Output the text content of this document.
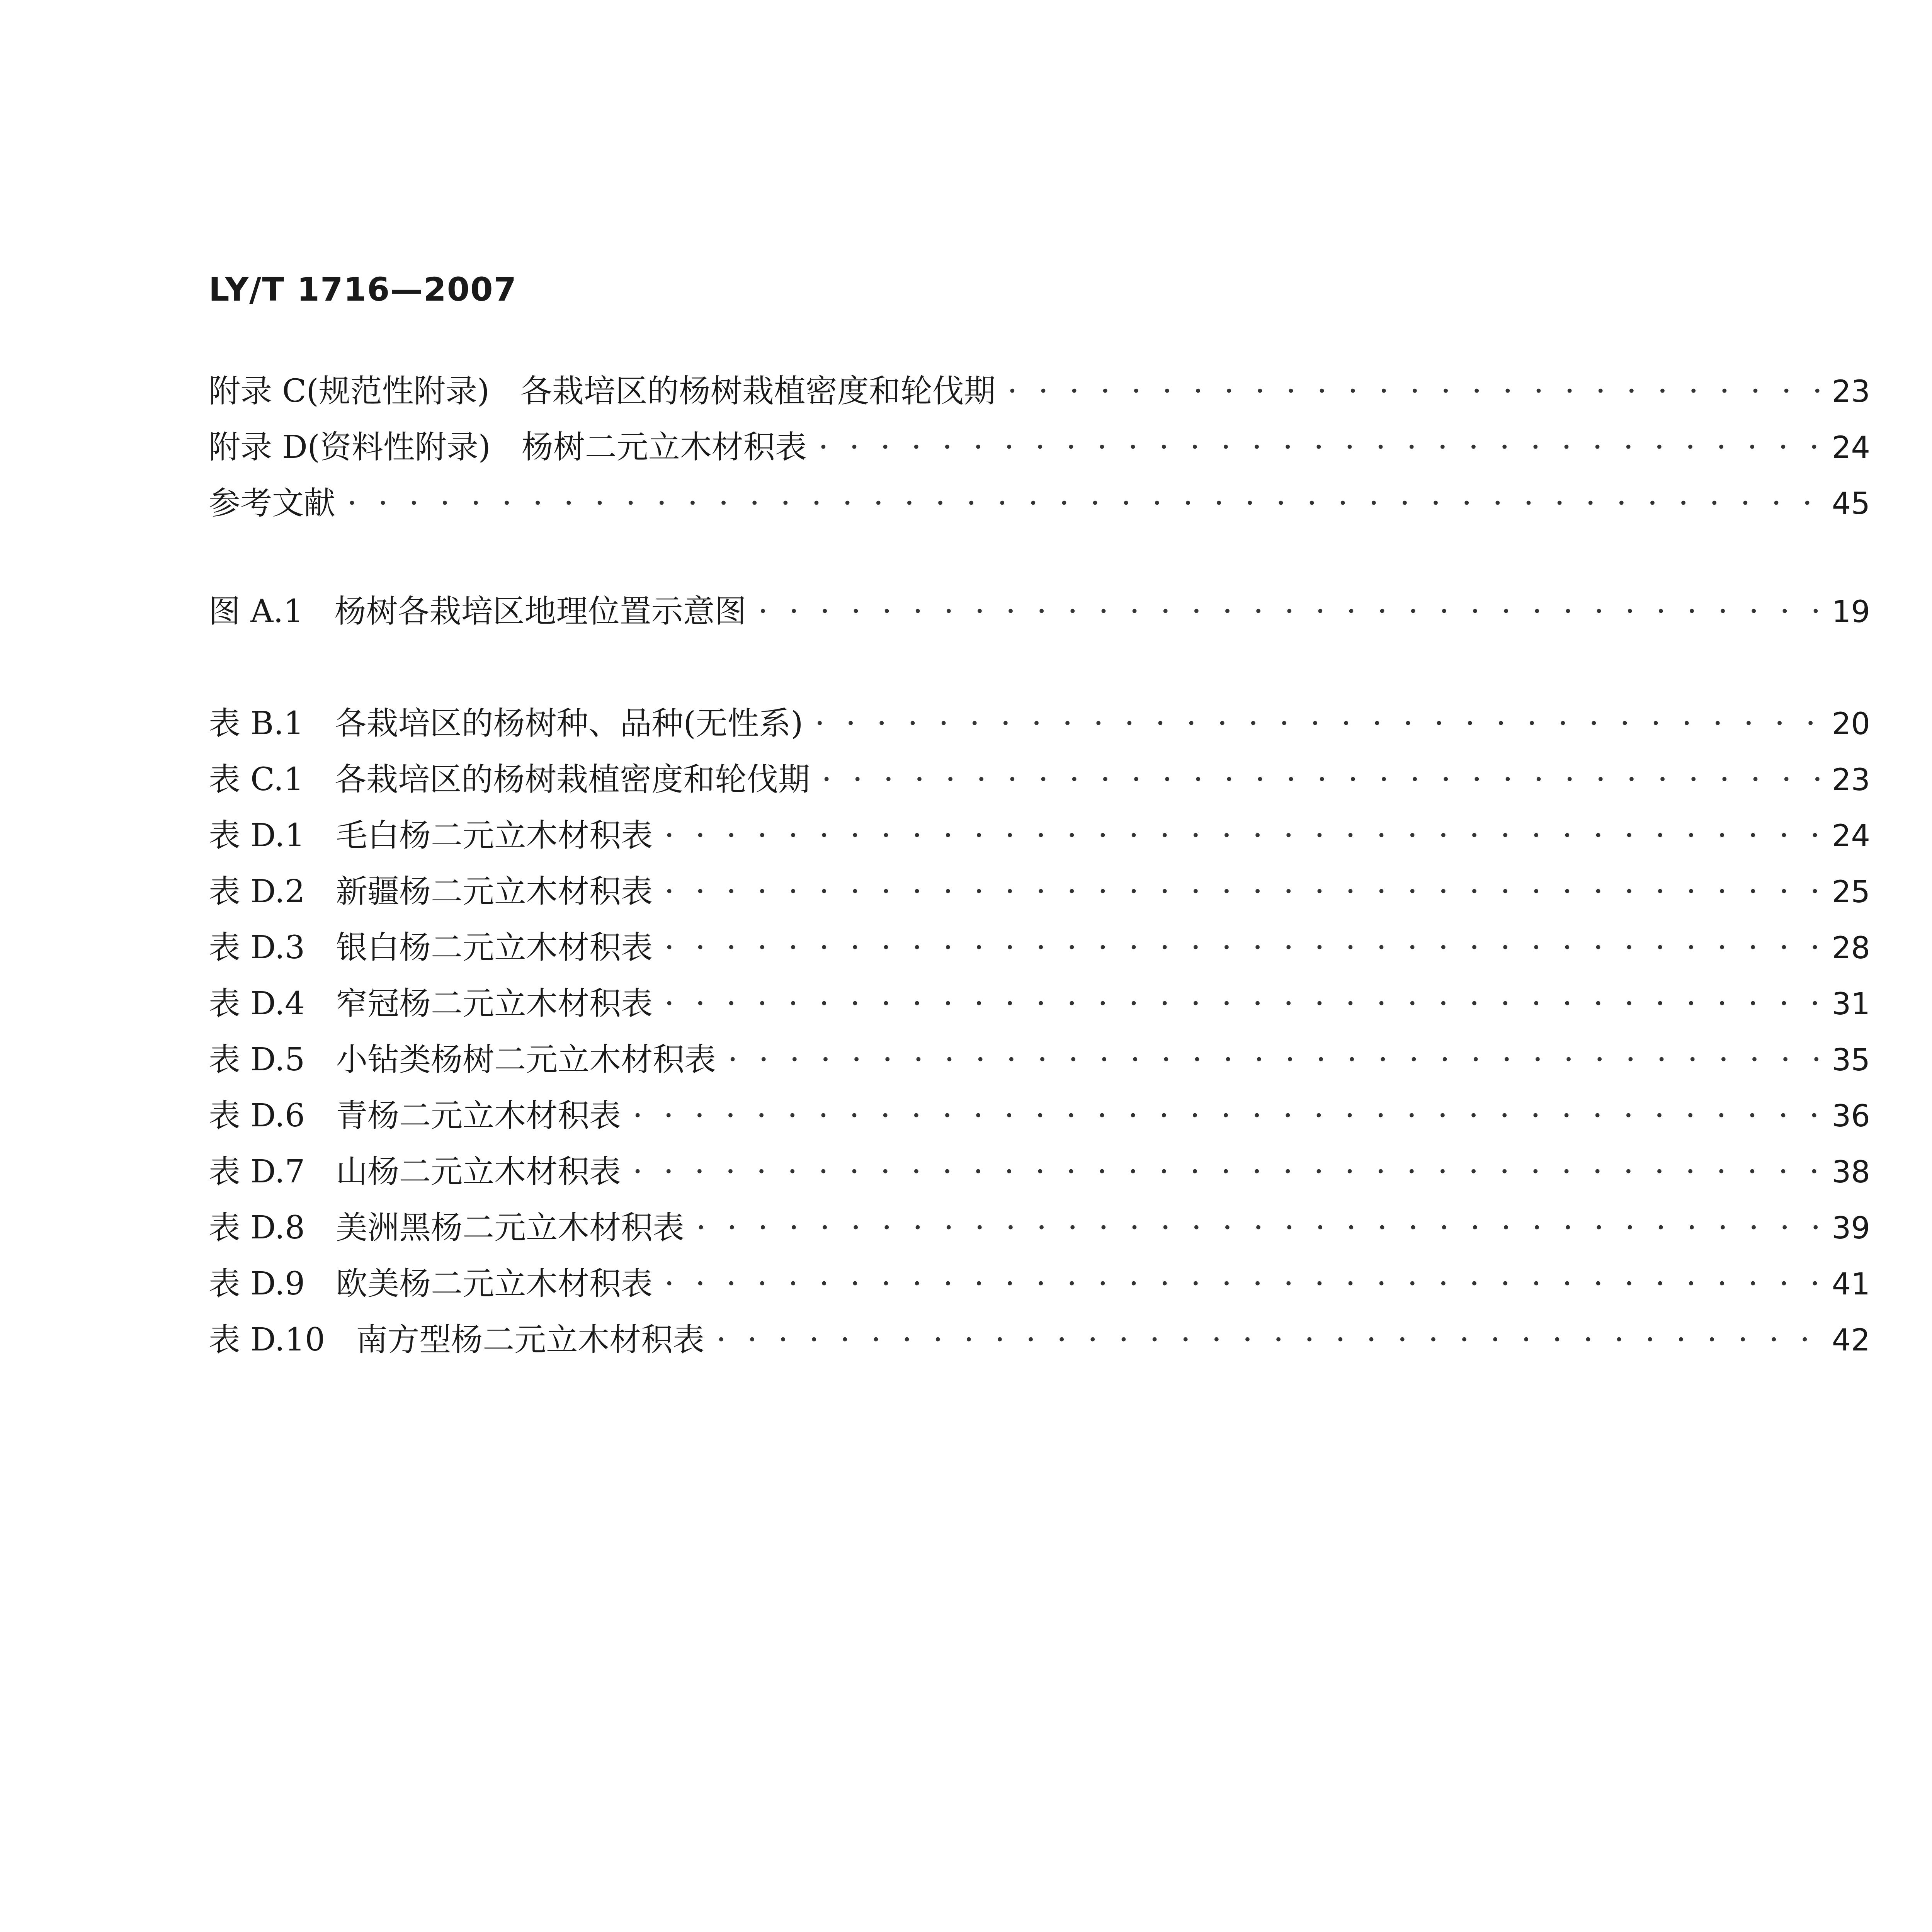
LY/T 1716—2007
附录 C(规范性附录) 各栽培区的杨树栽植密度和轮伐期 · · ·	23
附录 D(资料性附录) 杨树二元立木材积表 · · ·	24
参考文献 · · ·	45
图 A.1 杨树各栽培区地理位置示意图 · · ·	19
表 B.1 各栽培区的杨树种、品种(无性系) · · ·	20
表 C.1 各栽培区的杨树栽植密度和轮伐期 · · ·	23
表 D.1 毛白杨二元立木材积表 · · ·	24
表 D.2 新疆杨二元立木材积表 · · ·	25
表 D.3 银白杨二元立木材积表 · · ·	28
表 D.4 窄冠杨二元立木材积表 · · ·	31
表 D.5 小钻类杨树二元立木材积表 · · ·	35
表 D.6 青杨二元立木材积表 · · ·	36
表 D.7 山杨二元立木材积表 · · ·	38
表 D.8 美洲黑杨二元立木材积表 · · ·	39
表 D.9 欧美杨二元立木材积表 · · ·	41
表 D.10 南方型杨二元立木材积表 · · ·	42
